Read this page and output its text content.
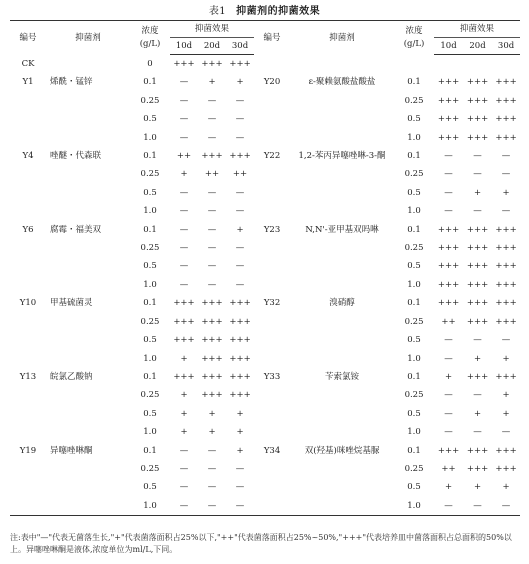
表1 抑菌剂的抑菌效果
编号	抑菌剂	浓度
(g/L)	抑菌效果			编号	抑菌剂	浓度
(g/L)	抑菌效果		
			10d	20d	30d				10d	20d	30d
CK		0	+++	+++	+++						
Y1	烯酰・锰锌	0.1	—	+	+	Y20	ε-聚赖氨酸盐酸盐	0.1	+++	+++	+++
		0.25	—	—	—			0.25	+++	+++	+++
		0.5	—	—	—			0.5	+++	+++	+++
		1.0	—	—	—			1.0	+++	+++	+++
Y4	唑醚・代森联	0.1	++	+++	+++	Y22	1,2-苯丙异噻唑啉-3-酮	0.1	—	—	—
		0.25	+	++	++			0.25	—	—	—
		0.5	—	—	—			0.5	—	+	+
		1.0	—	—	—			1.0	—	—	—
Y6	腐霉・福美双	0.1	—	—	+	Y23	N,N'-亚甲基双吗啉	0.1	+++	+++	+++
		0.25	—	—	—			0.25	+++	+++	+++
		0.5	—	—	—			0.5	+++	+++	+++
		1.0	—	—	—			1.0	+++	+++	+++
Y10	甲基硫菌灵	0.1	+++	+++	+++	Y32	溴硝醇	0.1	+++	+++	+++
		0.25	+++	+++	+++			0.25	++	+++	+++
		0.5	+++	+++	+++			0.5	—	—	—
		1.0	+	+++	+++			1.0	—	+	+
Y13	皖氯乙酸钠	0.1	+++	+++	+++	Y33	苄索氯铵	0.1	+	+++	+++
		0.25	+	+++	+++			0.25	—	—	+
		0.5	+	+	+			0.5	—	+	+
		1.0	+	+	+			1.0	—	—	—
Y19	异噻唑啉酮	0.1	—	—	+	Y34	双(羟基)咪唑烷基脲	0.1	+++	+++	+++
		0.25	—	—	—			0.25	++	+++	+++
		0.5	—	—	—			0.5	+	+	+
		1.0	—	—	—			1.0	—	—	—
注:表中"—"代表无菌落生长,"+"代表菌落面积占25%以下,"++"代表菌落面积占25%~50%,"+++"代表培养皿中菌落面积占总面积的50%以上。异噻唑啉酮是液体,浓度单位为ml/L,下同。
